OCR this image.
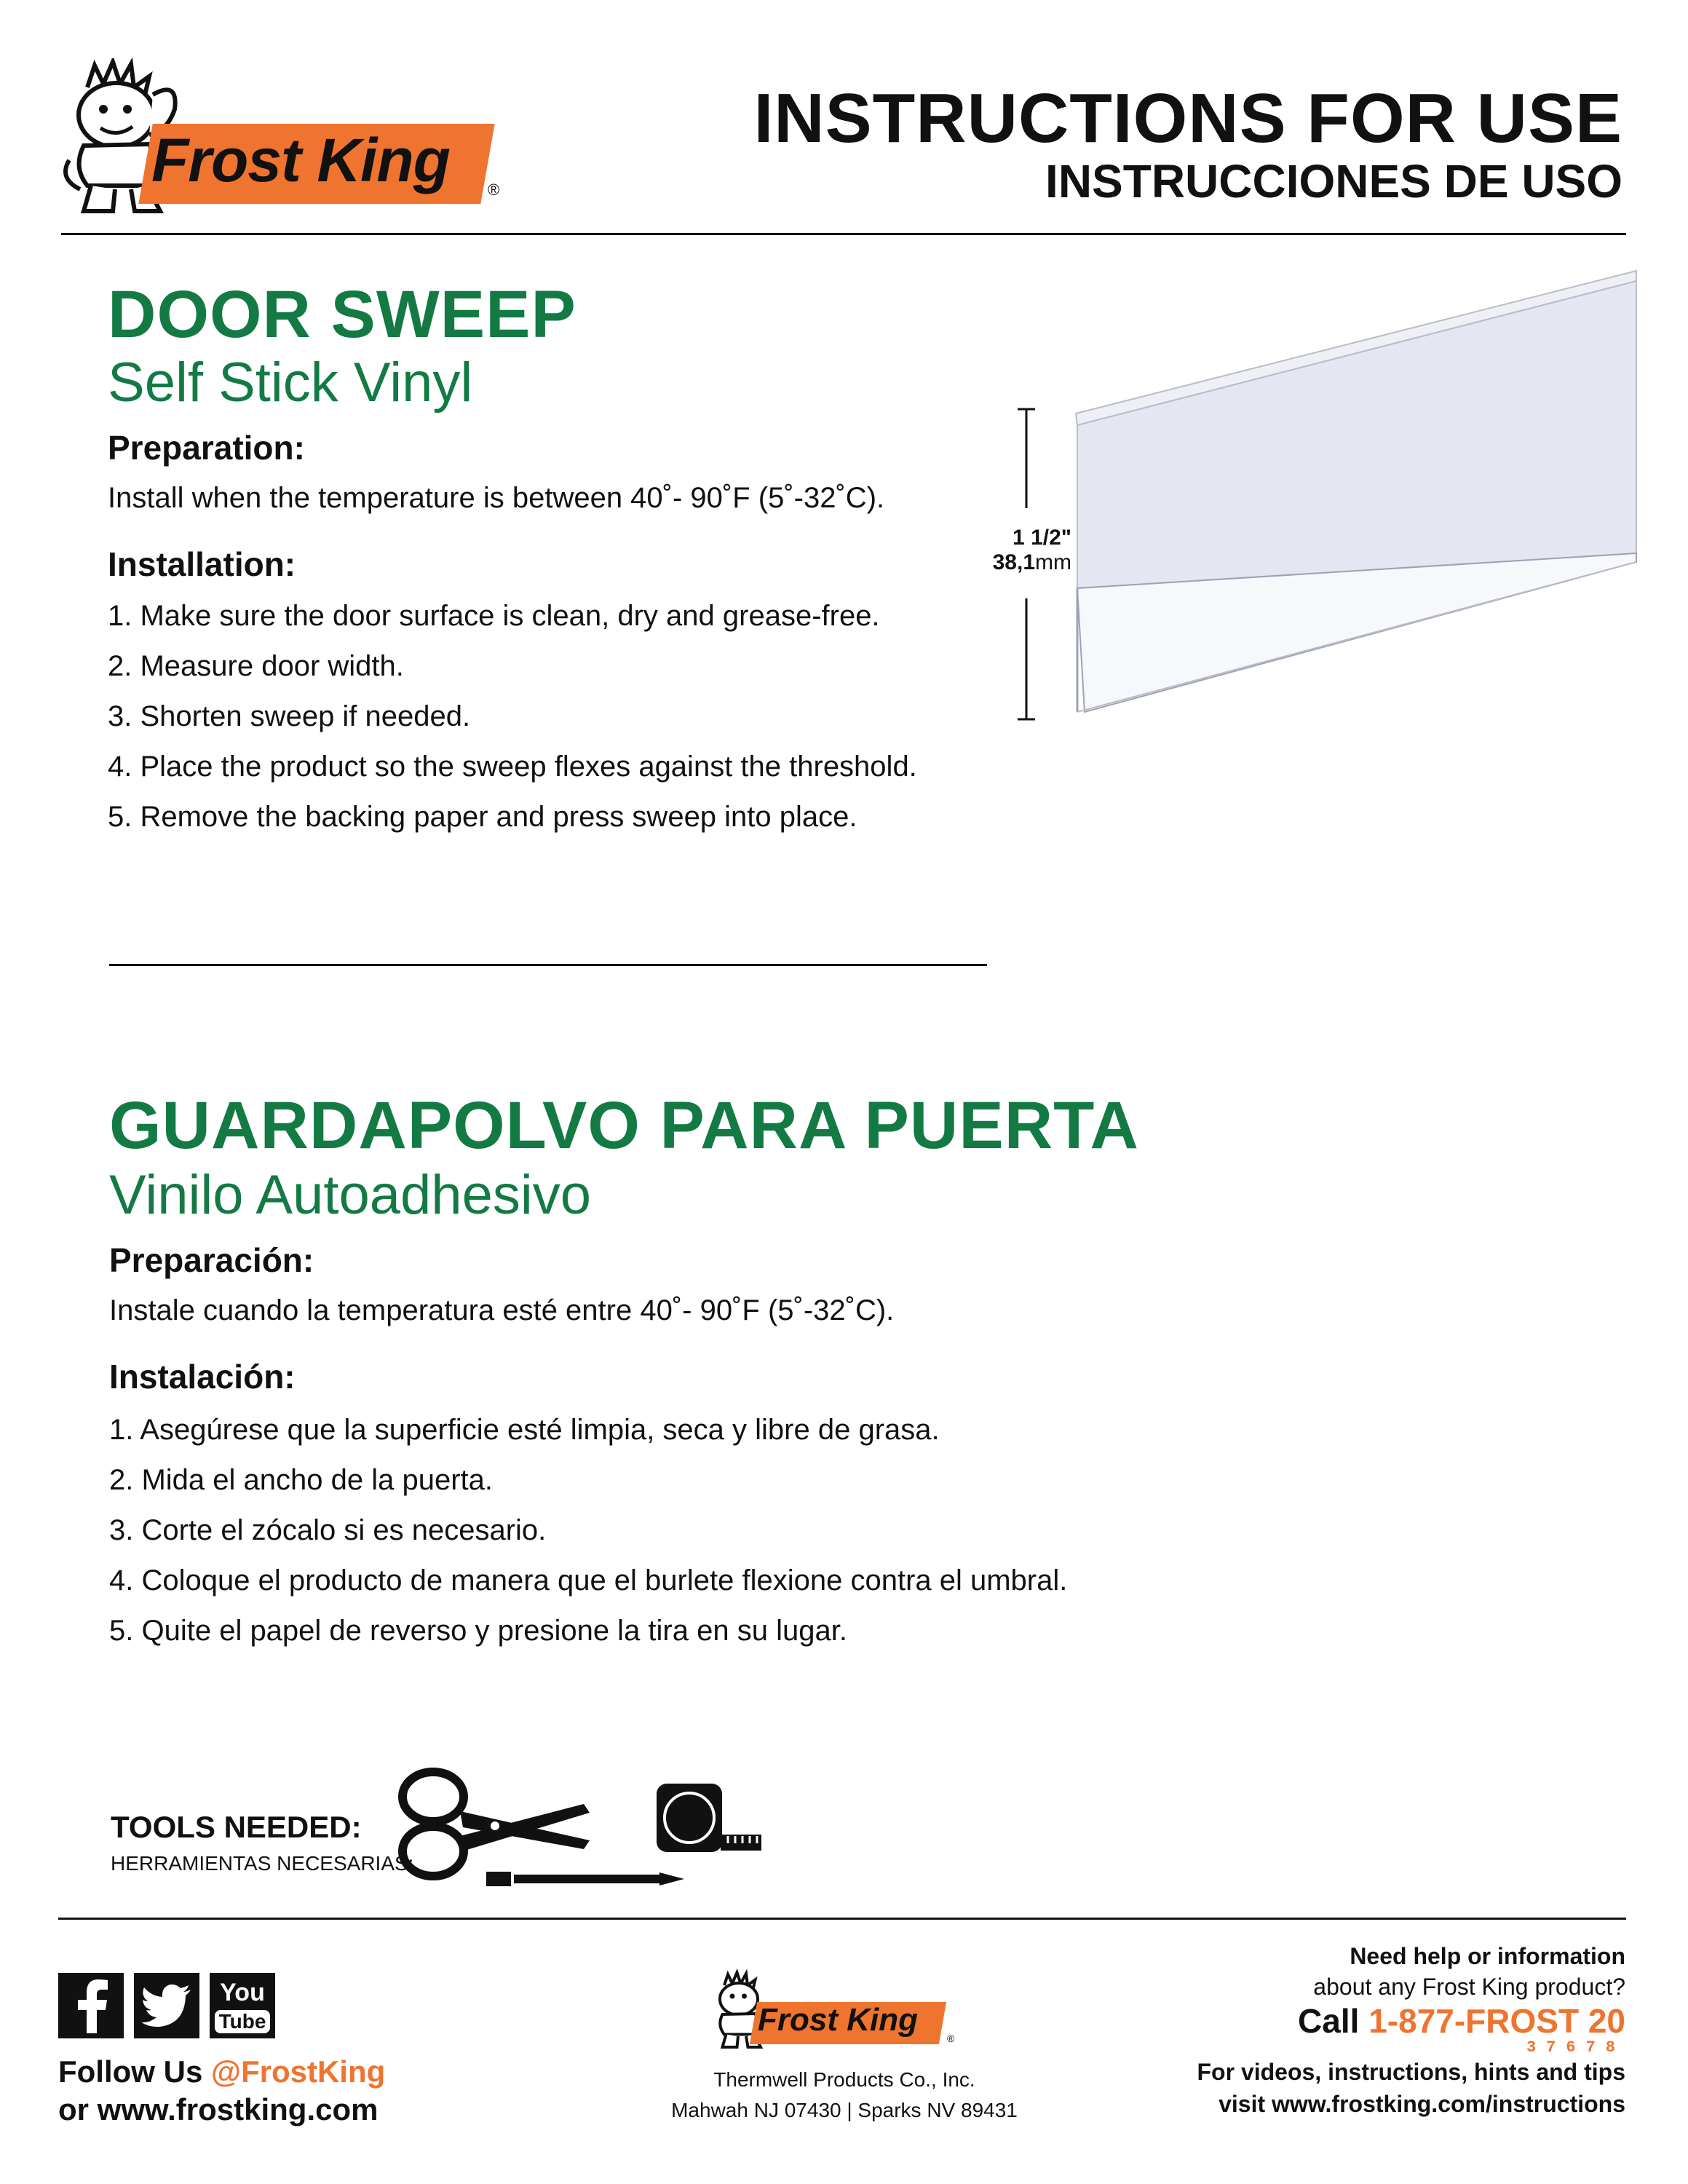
Frost King	®
INSTRUCTIONS FOR USE
INSTRUCCIONES DE USO
DOOR SWEEP
Self Stick Vinyl
Preparation:
Install when the temperature is between 40˚- 90˚F (5˚-32˚C).
Installation:
1. Make sure the door surface is clean, dry and grease-free.
2. Measure door width.
3. Shorten sweep if needed.
4. Place the product so the sweep flexes against the threshold.
5. Remove the backing paper and press sweep into place.
1 1/2"
38,1mm
GUARDAPOLVO PARA PUERTA
Vinilo Autoadhesivo
Preparación:
Instale cuando la temperatura esté entre 40˚- 90˚F (5˚-32˚C).
Instalación:
1. Asegúrese que la superficie esté limpia, seca y libre de grasa.
2. Mida el ancho de la puerta.
3. Corte el zócalo si es necesario.
4. Coloque el producto de manera que el burlete flexione contra el umbral.
5. Quite el papel de reverso y presione la tira en su lugar.
TOOLS NEEDED:
HERRAMIENTAS NECESARIAS:
You
Tube
Follow Us @FrostKing
or www.frostking.com
Frost King
®
Thermwell Products Co., Inc.
Mahwah NJ 07430 | Sparks NV 89431
Need help or information
about any Frost King product?
Call 1-877-FROST 20
37678
For videos, instructions, hints and tips
visit www.frostking.com/instructions
